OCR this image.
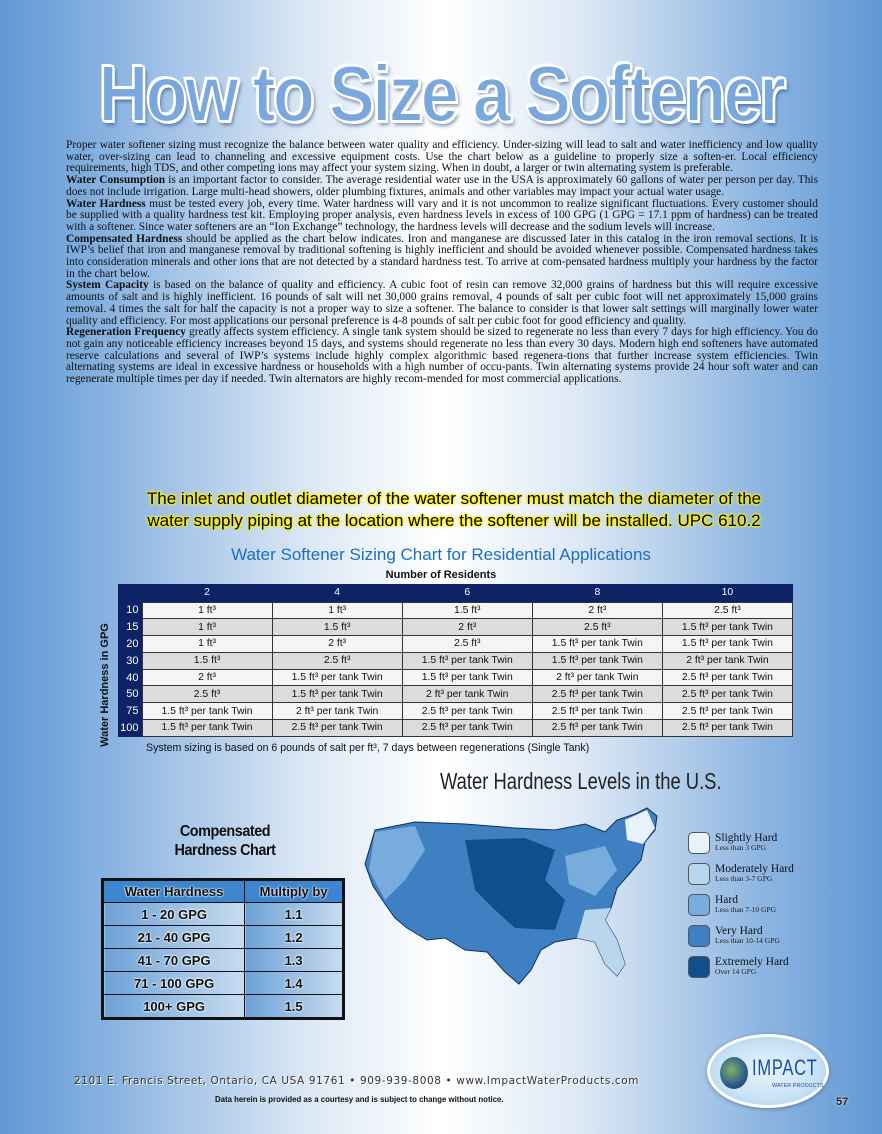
How to Size a Softener

Proper water softener sizing must recognize the balance between water quality and efficiency. Under-sizing will lead to salt and water inefficiency and low quality water, over-sizing can lead to channeling and excessive equipment costs. Use the chart below as a guideline to properly size a soften-er. Local efficiency requirements, high TDS, and other competing ions may affect your system sizing. When in doubt, a larger or twin alternating system is preferable.

Water Consumption is an important factor to consider. The average residential water use in the USA is approximately 60 gallons of water per person per day. This does not include irrigation. Large multi-head showers, older plumbing fixtures, animals and other variables may impact your actual water usage.

Water Hardness must be tested every job, every time. Water hardness will vary and it is not uncommon to realize significant fluctuations. Every customer should be supplied with a quality hardness test kit. Employing proper analysis, even hardness levels in excess of 100 GPG (1 GPG = 17.1 ppm of hardness) can be treated with a softener. Since water softeners are an “Ion Exchange” technology, the hardness levels will decrease and the sodium levels will increase.

Compensated Hardness should be applied as the chart below indicates. Iron and manganese are discussed later in this catalog in the iron removal sections. It is IWP’s belief that iron and manganese removal by traditional softening is highly inefficient and should be avoided whenever possible. Compensated hardness takes into consideration minerals and other ions that are not detected by a standard hardness test. To arrive at com-pensated hardness multiply your hardness by the factor in the chart below.

System Capacity is based on the balance of quality and efficiency. A cubic foot of resin can remove 32,000 grains of hardness but this will require excessive amounts of salt and is highly inefficient. 16 pounds of salt will net 30,000 grains removal, 4 pounds of salt per cubic foot will net approximately 15,000 grains removal. 4 times the salt for half the capacity is not a proper way to size a softener. The balance to consider is that lower salt settings will marginally lower water quality and efficiency. For most applications our personal preference is 4-8 pounds of salt per cubic foot for good efficiency and quality.

Regeneration Frequency greatly affects system efficiency. A single tank system should be sized to regenerate no less than every 7 days for high efficiency. You do not gain any noticeable efficiency increases beyond 15 days, and systems should regenerate no less than every 30 days. Modern high end softeners have automated reserve calculations and several of IWP’s systems include highly complex algorithmic based regenera-tions that further increase system efficiencies. Twin alternating systems are ideal in excessive hardness or households with a high number of occu-pants. Twin alternating systems provide 24 hour soft water and can regenerate multiple times per day if needed. Twin alternators are highly recom-mended for most commercial applications.

The inlet and outlet diameter of the water softener must match the diameter of the
water supply piping at the location where the softener will be installed. UPC 610.2
Water Softener Sizing Chart for Residential Applications
Number of Residents
Water Hardness in GPG
	2	4	6	8	10
10	1 ft³	1 ft³	1.5 ft³	2 ft³	2.5 ft³
15	1 ft³	1.5 ft³	2 ft³	2.5 ft³	1.5 ft³ per tank Twin
20	1 ft³	2 ft³	2.5 ft³	1.5 ft³ per tank Twin	1.5 ft³ per tank Twin
30	1.5 ft³	2.5 ft³	1.5 ft³ per tank Twin	1.5 ft³ per tank Twin	2 ft³ per tank Twin
40	2 ft³	1.5 ft³ per tank Twin	1.5 ft³ per tank Twin	2 ft³ per tank Twin	2.5 ft³ per tank Twin
50	2.5 ft³	1.5 ft³ per tank Twin	2 ft³ per tank Twin	2.5 ft³ per tank Twin	2.5 ft³ per tank Twin
75	1.5 ft³ per tank Twin	2 ft³ per tank Twin	2.5 ft³ per tank Twin	2.5 ft³ per tank Twin	2.5 ft³ per tank Twin
100	1.5 ft³ per tank Twin	2.5 ft³ per tank Twin	2.5 ft³ per tank Twin	2.5 ft³ per tank Twin	2.5 ft³ per tank Twin
System sizing is based on 6 pounds of salt per ft³, 7 days between regenerations (Single Tank)
Water Hardness Levels in the U.S.
Slightly Hard
Less than 3 GPG
Moderately Hard
Less than 3-7 GPG
Hard
Less than 7-10 GPG
Very Hard
Less than 10-14 GPG
Extremely Hard
Over 14 GPG
Compensated
Hardness Chart
Water Hardness	Multiply by
1 - 20 GPG	1.1
21 - 40 GPG	1.2
41 - 70 GPG	1.3
71 - 100 GPG	1.4
100+ GPG	1.5
2101 E. Francis Street, Ontario, CA USA 91761 • 909-939-8008 • www.ImpactWaterProducts.com
Data herein is provided as a courtesy and is subject to change without notice.
IMPACT
WATER PRODUCTS
57
